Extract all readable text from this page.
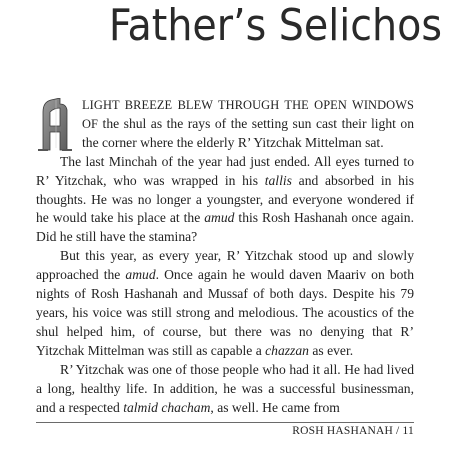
Father’s Selichos

LIGHT BREEZE BLEW THROUGH THE OPEN WINDOWS OF the shul as the rays of the setting sun cast their light on the corner where the elderly R’ Yitzchak Mittelman sat.

The last Minchah of the year had just ended. All eyes turned to R’ Yitzchak, who was wrapped in his tallis and absorbed in his thoughts. He was no longer a youngster, and everyone wondered if he would take his place at the amud this Rosh Hashanah once again. Did he still have the stamina?

But this year, as every year, R’ Yitzchak stood up and slowly approached the amud. Once again he would daven Maariv on both nights of Rosh Hashanah and Mussaf of both days. Despite his 79 years, his voice was still strong and melodious. The acoustics of the shul helped him, of course, but there was no denying that R’ Yitzchak Mittelman was still as capable a chazzan as ever.

R’ Yitzchak was one of those people who had it all. He had lived a long, healthy life. In addition, he was a successful businessman, and a respected talmid chacham, as well. He came from

ROSH HASHANAH / 11
